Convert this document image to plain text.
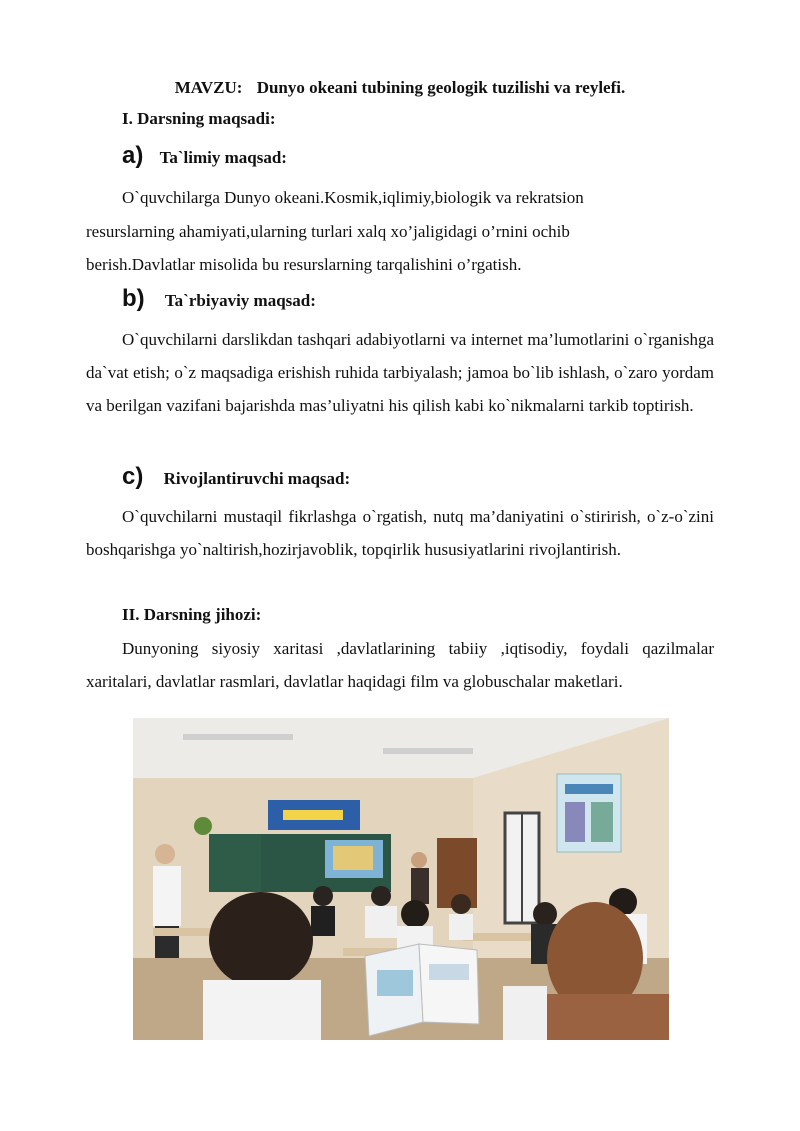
MAVZU: Dunyo okeani tubining geologik tuzilishi va reylefi.
I. Darsning maqsadi:
a) Ta`limiy maqsad:
O`quvchilarga Dunyo okeani.Kosmik,iqlimiy,biologik va rekratsion
resurslarning ahamiyati,ularning turlari xalq xo’jaligidagi o’rnini ochib
berish.Davlatlar misolida bu resurslarning tarqalishini o’rgatish.
b) Ta`rbiyaviy maqsad:
O`quvchilarni darslikdan tashqari adabiyotlarni va internet ma’lumotlarini o`rganishga da`vat etish; o`z maqsadiga erishish ruhida tarbiyalash; jamoa bo`lib ishlash, o`zaro yordam va berilgan vazifani bajarishda mas’uliyatni his qilish kabi ko`nikmalarni tarkib toptirish.
c) Rivojlantiruvchi maqsad:
O`quvchilarni mustaqil fikrlashga o`rgatish, nutq ma’daniyatini o`stirirish, o`z-o`zini boshqarishga yo`naltirish,hozirjavoblik, topqirlik hususiyatlarini rivojlantirish.
II. Darsning jihozi:
Dunyoning siyosiy xaritasi ,davlatlarining tabiiy ,iqtisodiy, foydali qazilmalar xaritalari, davlatlar rasmlari, davlatlar haqidagi film va globuschalar maketlari.
